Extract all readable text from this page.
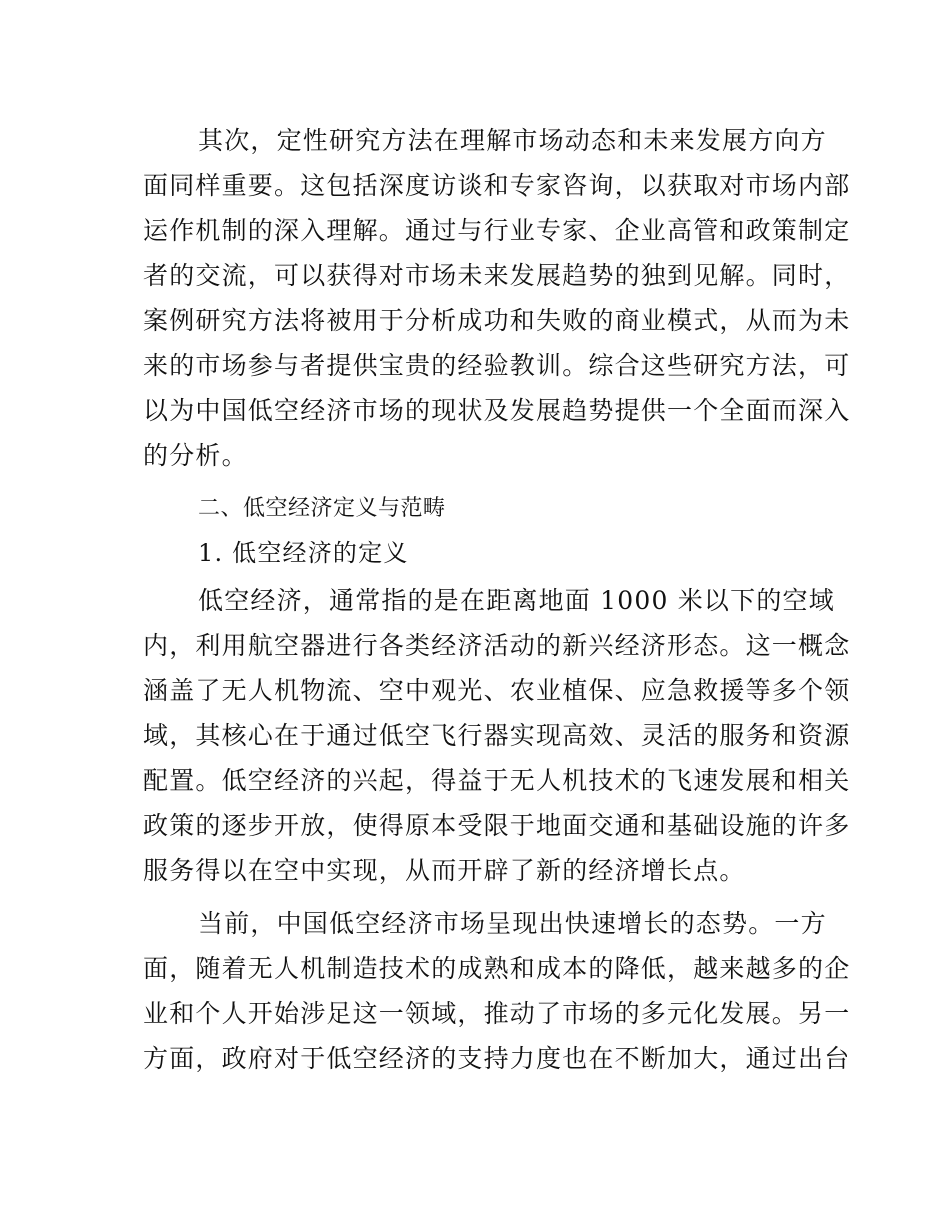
其次，定性研究方法在理解市场动态和未来发展方向方
面同样重要。这包括深度访谈和专家咨询，以获取对市场内部
运作机制的深入理解。通过与行业专家、企业高管和政策制定
者的交流，可以获得对市场未来发展趋势的独到见解。同时，
案例研究方法将被用于分析成功和失败的商业模式，从而为未
来的市场参与者提供宝贵的经验教训。综合这些研究方法，可
以为中国低空经济市场的现状及发展趋势提供一个全面而深入
的分析。
二、低空经济定义与范畴
1. 低空经济的定义
低空经济，通常指的是在距离地面 1000 米以下的空域
内，利用航空器进行各类经济活动的新兴经济形态。这一概念
涵盖了无人机物流、空中观光、农业植保、应急救援等多个领
域，其核心在于通过低空飞行器实现高效、灵活的服务和资源
配置。低空经济的兴起，得益于无人机技术的飞速发展和相关
政策的逐步开放，使得原本受限于地面交通和基础设施的许多
服务得以在空中实现，从而开辟了新的经济增长点。
当前，中国低空经济市场呈现出快速增长的态势。一方
面，随着无人机制造技术的成熟和成本的降低，越来越多的企
业和个人开始涉足这一领域，推动了市场的多元化发展。另一
方面，政府对于低空经济的支持力度也在不断加大，通过出台
